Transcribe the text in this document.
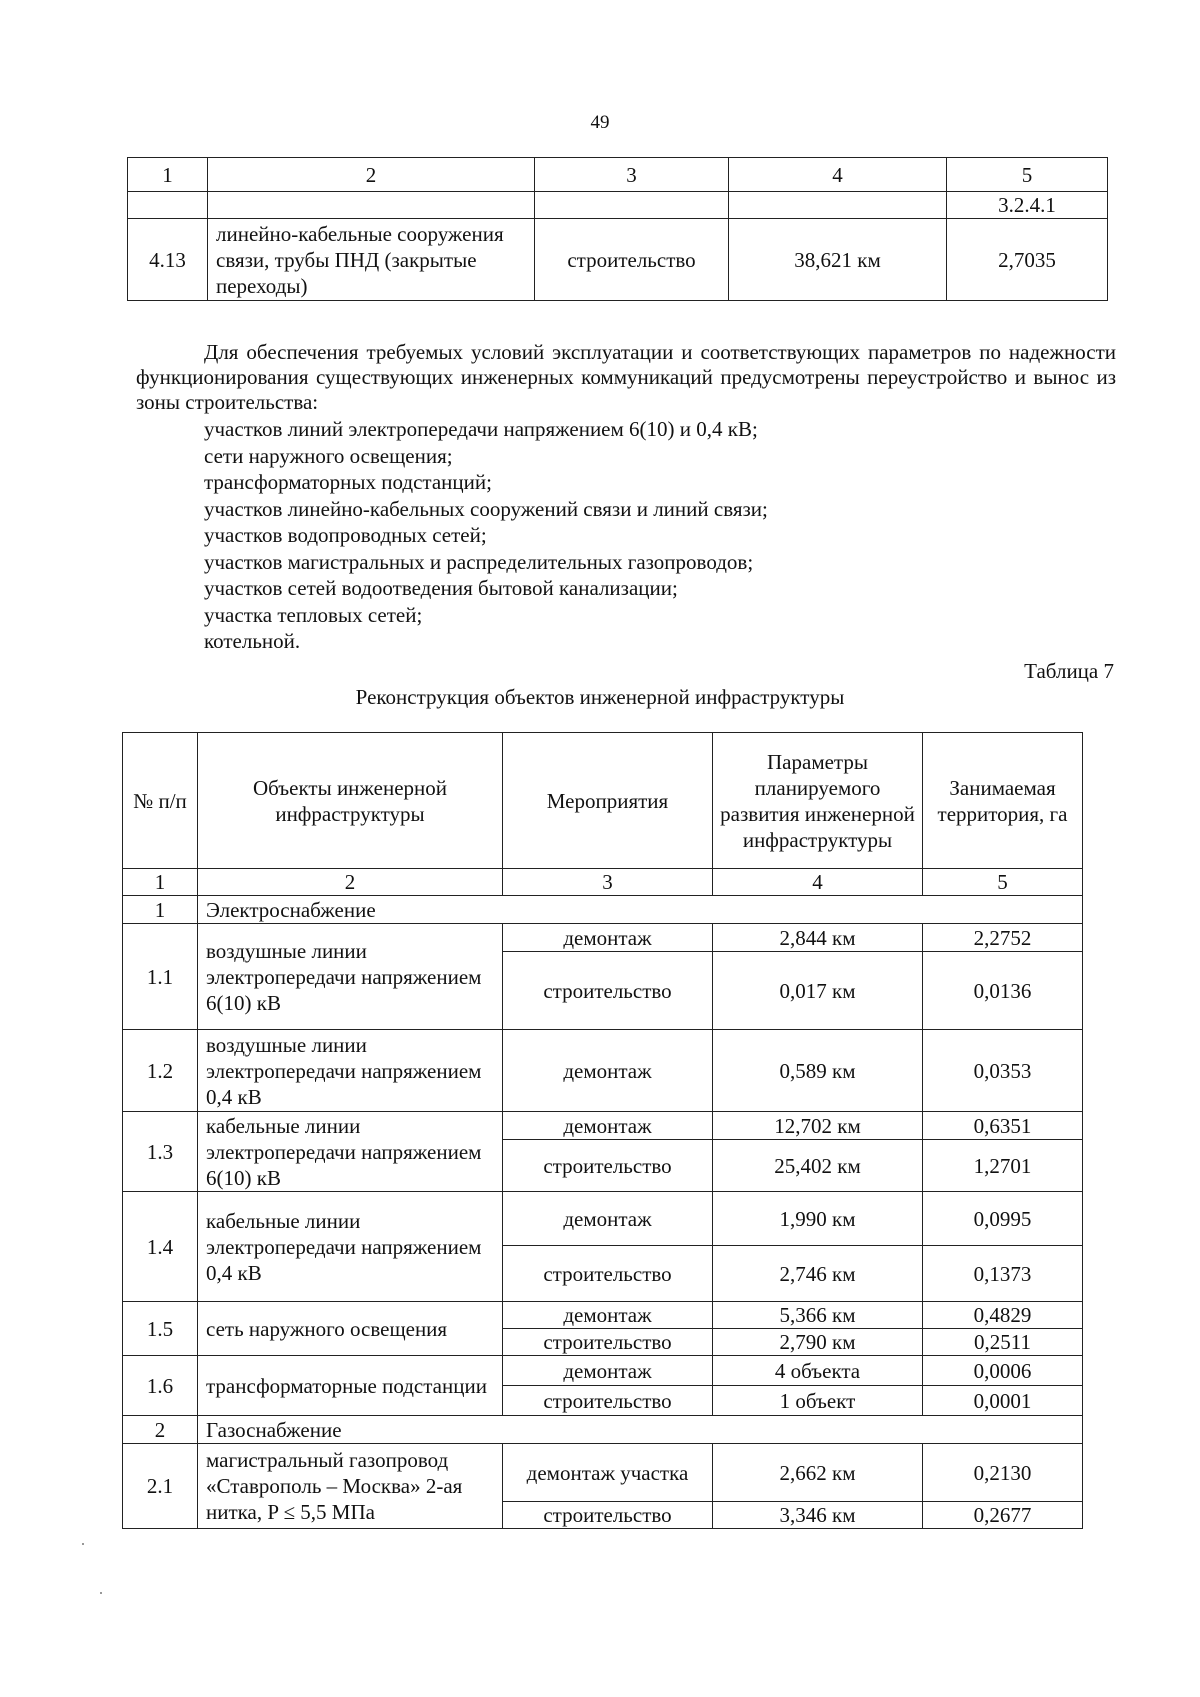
49
1	2	3	4	5
				3.2.4.1
4.13	линейно-кабельные сооружения связи, трубы ПНД (закрытые переходы)	строительство	38,621 км	2,7035

Для обеспечения требуемых условий эксплуатации и соответствующих параметров по надежности функционирования существующих инженерных коммуникаций предусмотрены переустройство и вынос из зоны строительства:

участков линий электропередачи напряжением 6(10) и 0,4 кВ;
сети наружного освещения;
трансформаторных подстанций;
участков линейно-кабельных сооружений связи и линий связи;
участков водопроводных сетей;
участков магистральных и распределительных газопроводов;
участков сетей водоотведения бытовой канализации;
участка тепловых сетей;
котельной.
Таблица 7
Реконструкция объектов инженерной инфраструктуры
№ п/п	Объекты инженерной инфраструктуры	Мероприятия	Параметры планируемого развития инженерной инфраструктуры	Занимаемая территория, га
1	2	3	4	5
1	Электроснабжение			
1.1	воздушные линии электропередачи напряжением 6(10) кВ	демонтаж	2,844 км	2,2752
		строительство	0,017 км	0,0136
1.2	воздушные линии электропередачи напряжением 0,4 кВ	демонтаж	0,589 км	0,0353
1.3	кабельные линии электропередачи напряжением 6(10) кВ	демонтаж	12,702 км	0,6351
		строительство	25,402 км	1,2701
1.4	кабельные линии электропередачи напряжением 0,4 кВ	демонтаж	1,990 км	0,0995
		строительство	2,746 км	0,1373
1.5	сеть наружного освещения	демонтаж	5,366 км	0,4829
		строительство	2,790 км	0,2511
1.6	трансформаторные подстанции	демонтаж	4 объекта	0,0006
		строительство	1 объект	0,0001
2	Газоснабжение			
2.1	магистральный газопровод «Ставрополь – Москва» 2-ая нитка, P ≤ 5,5 МПа	демонтаж участка	2,662 км	0,2130
		строительство	3,346 км	0,2677
